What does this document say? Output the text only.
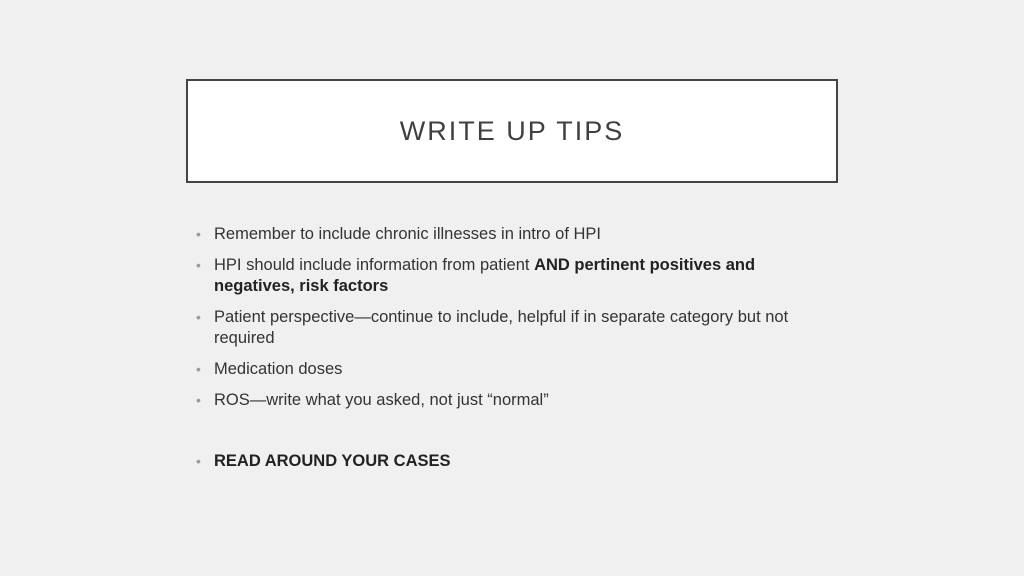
WRITE UP TIPS
• Remember to include chronic illnesses in intro of HPI
• HPI should include information from patient AND pertinent positives and negatives, risk factors
• Patient perspective—continue to include, helpful if in separate category but not required
• Medication doses
• ROS—write what you asked, not just “normal”
• READ AROUND YOUR CASES
